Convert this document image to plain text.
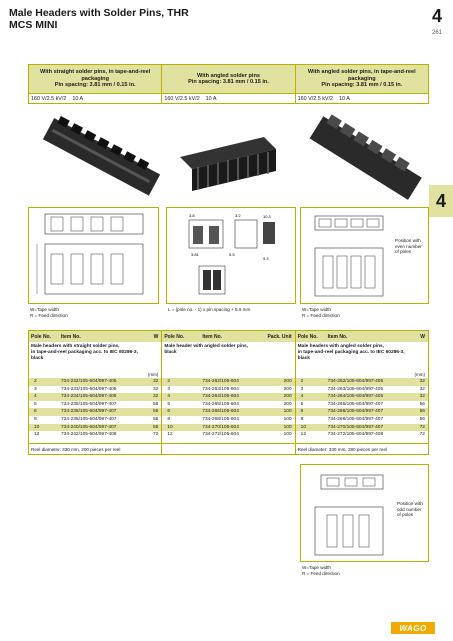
Male Headers with Solder Pins, THR
MCS MINI	4
261
With straight solder pins, in tape-and-reel packaging
Pin spacing: 3.81 mm / 0.15 in.
160 V/2.5 kV/2    10 A
With angled solder pins
Pin spacing: 3.81 mm / 0.15 in.
160 V/2.5 kV/2    10 A
With angled solder pins, in tape-and-reel packaging
Pin spacing: 3.81 mm / 0.15 in.
160 V/2.5 kV/2    10 A
4
W=Tape width
R = Feed direction
3.8	3.2	10.3
3.81	5.5
9.3
L = (pole no. - 1) x pin spacing + 5.9 mm
Position with
even number
of poles
W=Tape width
R = Feed direction
Pole No. Item No.	W
Male headers with straight solder pins,
in tape-and-reel packaging acc. to IEC 60286-3,
black
(mm)
2	734-232/105-604/997-405	32
3	734-233/105-604/997-405	32
4	734-234/105-604/997-405	32
5	734-235/105-604/997-407	56
6	734-236/105-604/997-407	56
8	734-238/105-604/997-407	56
10	734-240/105-604/997-407	56
12	734-242/105-604/997-408	72
Reel diameter: 330 mm, 200 pieces per reel
Pole No.	Item No.	Pack. Unit
Male header with angled solder pins,
black
2	734-262/105-604	200
3	734-263/105-604	200
4	734-264/105-604	200
5	734-265/105-604	200
6	734-266/105-604	100
8	734-268/105-604	100
10	734-270/105-604	100
12	734-272/105-604	100
Pole No. Item No.	W
Male headers with angled solder pins,
in tape-and-reel packaging acc. to IEC 60286-3,
black
(mm)
2	734-262/105-604/997-405	32
3	734-263/105-604/997-405	32
4	734-264/105-604/997-405	32
5	734-265/105-604/997-407	56
6	734-266/105-604/997-407	56
8	734-268/105-604/997-407	56
10	734-270/105-604/997-407	72
12	734-272/105-604/997-408	72
Reel diameter: 330 mm, 280 pieces per reel
Position with
odd number
of poles
W=Tape width
R = Feed direction
WAGO
